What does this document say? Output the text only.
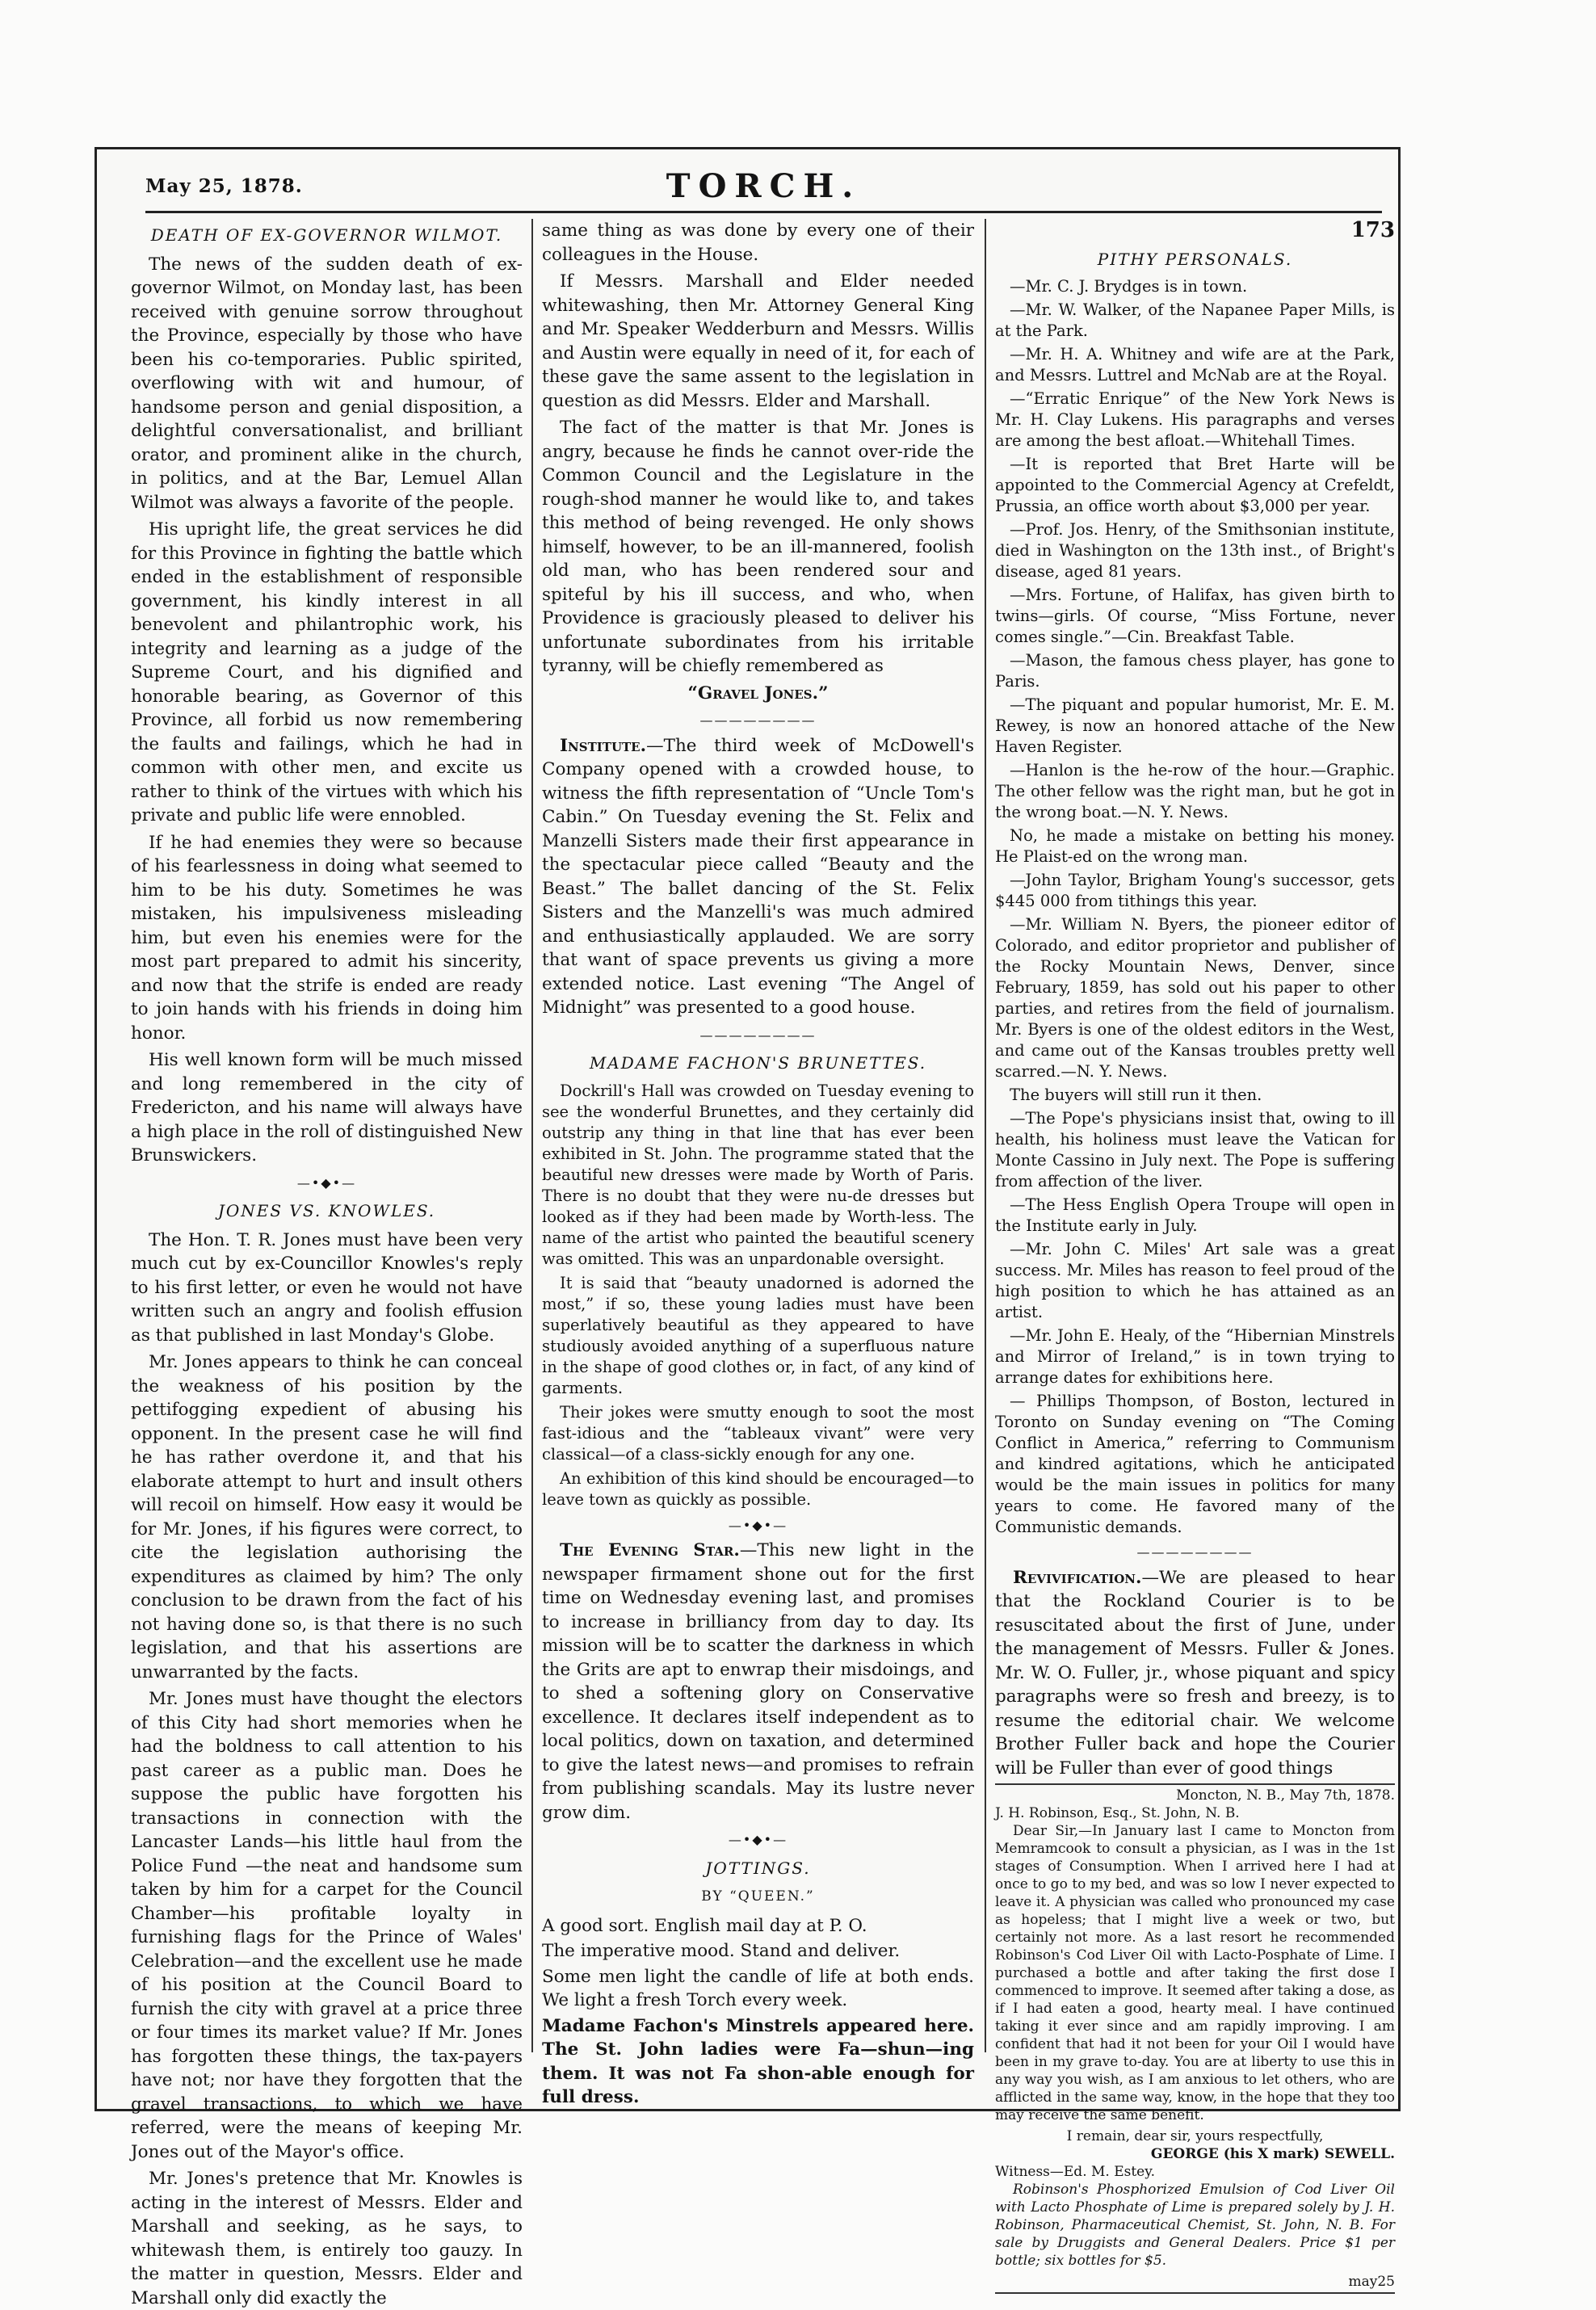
May 25, 1878.	TORCH.
DEATH OF EX-GOVERNOR WILMOT.

The news of the sudden death of ex-governor Wilmot, on Monday last, has been received with genuine sorrow throughout the Province, especially by those who have been his co-temporaries. Public spirited, overflowing with wit and humour, of handsome person and genial disposition, a delightful conversationalist, and brilliant orator, and prominent alike in the church, in politics, and at the Bar, Lemuel Allan Wilmot was always a favorite of the people.

His upright life, the great services he did for this Province in fighting the battle which ended in the establishment of responsible government, his kindly interest in all benevolent and philantrophic work, his integrity and learning as a judge of the Supreme Court, and his dignified and honorable bearing, as Governor of this Province, all forbid us now remembering the faults and failings, which he had in common with other men, and excite us rather to think of the virtues with which his private and public life were ennobled.

If he had enemies they were so because of his fearlessness in doing what seemed to him to be his duty. Sometimes he was mistaken, his impulsiveness misleading him, but even his enemies were for the most part prepared to admit his sincerity, and now that the strife is ended are ready to join hands with his friends in doing him honor.

His well known form will be much missed and long remembered in the city of Fredericton, and his name will always have a high place in the roll of distinguished New Brunswickers.

—•◆•—
JONES VS. KNOWLES.

The Hon. T. R. Jones must have been very much cut by ex-Councillor Knowles's reply to his first letter, or even he would not have written such an angry and foolish effusion as that published in last Monday's Globe.

Mr. Jones appears to think he can conceal the weakness of his position by the pettifogging expedient of abusing his opponent. In the present case he will find he has rather overdone it, and that his elaborate attempt to hurt and insult others will recoil on himself. How easy it would be for Mr. Jones, if his figures were correct, to cite the legislation authorising the expenditures as claimed by him? The only conclusion to be drawn from the fact of his not having done so, is that there is no such legislation, and that his assertions are unwarranted by the facts.

Mr. Jones must have thought the electors of this City had short memories when he had the boldness to call attention to his past career as a public man. Does he suppose the public have forgotten his transactions in connection with the Lancaster Lands—his little haul from the Police Fund —the neat and handsome sum taken by him for a carpet for the Council Chamber—his profitable loyalty in furnishing flags for the Prince of Wales' Celebration—and the excellent use he made of his position at the Council Board to furnish the city with gravel at a price three or four times its market value? If Mr. Jones has forgotten these things, the tax-payers have not; nor have they forgotten that the gravel transactions, to which we have referred, were the means of keeping Mr. Jones out of the Mayor's office.

Mr. Jones's pretence that Mr. Knowles is acting in the interest of Messrs. Elder and Marshall and seeking, as he says, to whitewash them, is entirely too gauzy. In the matter in question, Messrs. Elder and Marshall only did exactly the

same thing as was done by every one of their colleagues in the House.

If Messrs. Marshall and Elder needed whitewashing, then Mr. Attorney General King and Mr. Speaker Wedderburn and Messrs. Willis and Austin were equally in need of it, for each of these gave the same assent to the legislation in question as did Messrs. Elder and Marshall.

The fact of the matter is that Mr. Jones is angry, because he finds he cannot over-ride the Common Council and the Legislature in the rough-shod manner he would like to, and takes this method of being revenged. He only shows himself, however, to be an ill-mannered, foolish old man, who has been rendered sour and spiteful by his ill success, and who, when Providence is graciously pleased to deliver his unfortunate subordinates from his irritable tyranny, will be chiefly remembered as

“Gravel Jones.”

————————

Institute.—The third week of McDowell's Company opened with a crowded house, to witness the fifth representation of “Uncle Tom's Cabin.” On Tuesday evening the St. Felix and Manzelli Sisters made their first appearance in the spectacular piece called “Beauty and the Beast.” The ballet dancing of the St. Felix Sisters and the Manzelli's was much admired and enthusiastically applauded. We are sorry that want of space prevents us giving a more extended notice. Last evening “The Angel of Midnight” was presented to a good house.

————————
MADAME FACHON'S BRUNETTES.

Dockrill's Hall was crowded on Tuesday evening to see the wonderful Brunettes, and they certainly did outstrip any thing in that line that has ever been exhibited in St. John. The programme stated that the beautiful new dresses were made by Worth of Paris. There is no doubt that they were nu-de dresses but looked as if they had been made by Worth-less. The name of the artist who painted the beautiful scenery was omitted. This was an unpardonable oversight.

It is said that “beauty unadorned is adorned the most,” if so, these young ladies must have been superlatively beautiful as they appeared to have studiously avoided anything of a superfluous nature in the shape of good clothes or, in fact, of any kind of garments.

Their jokes were smutty enough to soot the most fast-idious and the “tableaux vivant” were very classical—of a class-sickly enough for any one.

An exhibition of this kind should be encouraged—to leave town as quickly as possible.

—•◆•—

The Evening Star.—This new light in the newspaper firmament shone out for the first time on Wednesday evening last, and promises to increase in brilliancy from day to day. Its mission will be to scatter the darkness in which the Grits are apt to enwrap their misdoings, and to shed a softening glory on Conservative excellence. It declares itself independent as to local politics, down on taxation, and determined to give the latest news—and promises to refrain from publishing scandals. May its lustre never grow dim.

—•◆•—
JOTTINGS.
BY “QUEEN.”

A good sort. English mail day at P. O.

The imperative mood. Stand and deliver.

Some men light the candle of life at both ends. We light a fresh Torch every week.

Madame Fachon's Minstrels appeared here. The St. John ladies were Fa—shun—ing them. It was not Fa shon-able enough for full dress.

173
PITHY PERSONALS.

—Mr. C. J. Brydges is in town.

—Mr. W. Walker, of the Napanee Paper Mills, is at the Park.

—Mr. H. A. Whitney and wife are at the Park, and Messrs. Luttrel and McNab are at the Royal.

—“Erratic Enrique” of the New York News is Mr. H. Clay Lukens. His paragraphs and verses are among the best afloat.—Whitehall Times.

—It is reported that Bret Harte will be appointed to the Commercial Agency at Crefeldt, Prussia, an office worth about $3,000 per year.

—Prof. Jos. Henry, of the Smithsonian institute, died in Washington on the 13th inst., of Bright's disease, aged 81 years.

—Mrs. Fortune, of Halifax, has given birth to twins—girls. Of course, “Miss Fortune, never comes single.”—Cin. Breakfast Table.

—Mason, the famous chess player, has gone to Paris.

—The piquant and popular humorist, Mr. E. M. Rewey, is now an honored attache of the New Haven Register.

—Hanlon is the he-row of the hour.—Graphic. The other fellow was the right man, but he got in the wrong boat.—N. Y. News.

No, he made a mistake on betting his money. He Plaist-ed on the wrong man.

—John Taylor, Brigham Young's successor, gets $445 000 from tithings this year.

—Mr. William N. Byers, the pioneer editor of Colorado, and editor proprietor and publisher of the Rocky Mountain News, Denver, since February, 1859, has sold out his paper to other parties, and retires from the field of journalism. Mr. Byers is one of the oldest editors in the West, and came out of the Kansas troubles pretty well scarred.—N. Y. News.

The buyers will still run it then.

—The Pope's physicians insist that, owing to ill health, his holiness must leave the Vatican for Monte Cassino in July next. The Pope is suffering from affection of the liver.

—The Hess English Opera Troupe will open in the Institute early in July.

—Mr. John C. Miles' Art sale was a great success. Mr. Miles has reason to feel proud of the high position to which he has attained as an artist.

—Mr. John E. Healy, of the “Hibernian Minstrels and Mirror of Ireland,” is in town trying to arrange dates for exhibitions here.

— Phillips Thompson, of Boston, lectured in Toronto on Sunday evening on “The Coming Conflict in America,” referring to Communism and kindred agitations, which he anticipated would be the main issues in politics for many years to come. He favored many of the Communistic demands.

————————

Revivification.—We are pleased to hear that the Rockland Courier is to be resuscitated about the first of June, under the management of Messrs. Fuller & Jones. Mr. W. O. Fuller, jr., whose piquant and spicy paragraphs were so fresh and breezy, is to resume the editorial chair. We welcome Brother Fuller back and hope the Courier will be Fuller than ever of good things

Moncton, N. B., May 7th, 1878.
J. H. Robinson, Esq., St. John, N. B.

Dear Sir,—In January last I came to Moncton from Memramcook to consult a physician, as I was in the 1st stages of Consumption. When I arrived here I had at once to go to my bed, and was so low I never expected to leave it. A physician was called who pronounced my case as hopeless; that I might live a week or two, but certainly not more. As a last resort he recommended Robinson's Cod Liver Oil with Lacto-Posphate of Lime. I purchased a bottle and after taking the first dose I commenced to improve. It seemed after taking a dose, as if I had eaten a good, hearty meal. I have continued taking it ever since and am rapidly improving. I am confident that had it not been for your Oil I would have been in my grave to-day. You are at liberty to use this in any way you wish, as I am anxious to let others, who are afflicted in the same way, know, in the hope that they too may receive the same benefit.

I remain, dear sir, yours respectfully,
GEORGE (his X mark) SEWELL.
Witness—Ed. M. Estey.

Robinson's Phosphorized Emulsion of Cod Liver Oil with Lacto Phosphate of Lime is prepared solely by J. H. Robinson, Pharmaceutical Chemist, St. John, N. B. For sale by Druggists and General Dealers. Price $1 per bottle; six bottles for $5.

may25
